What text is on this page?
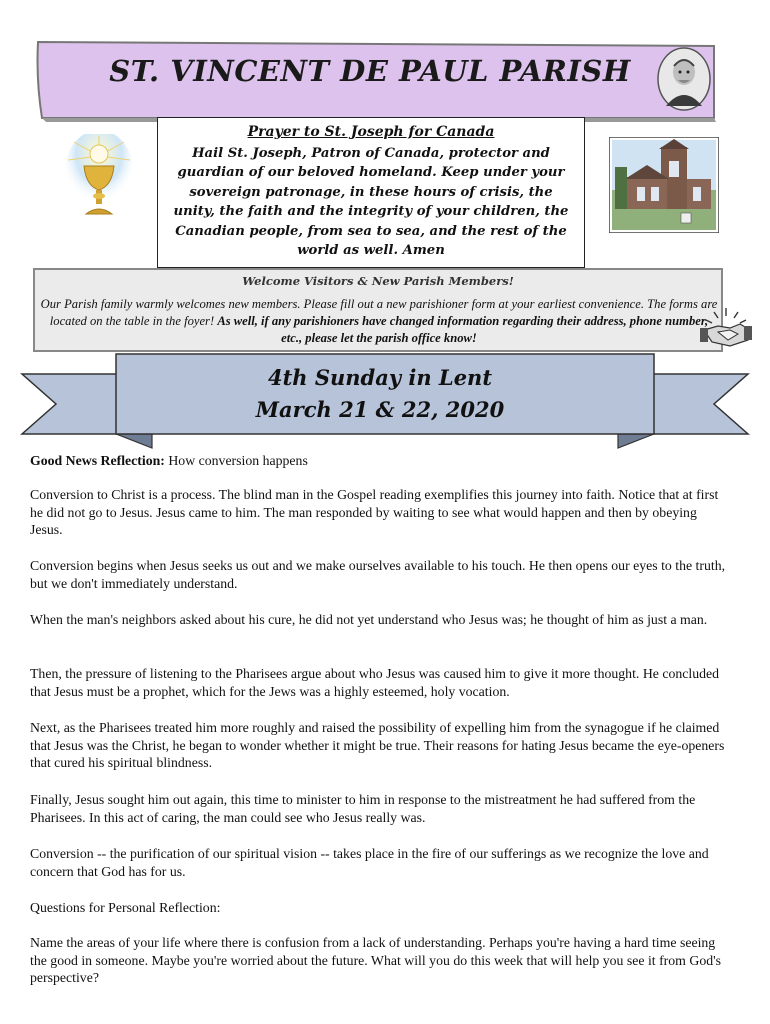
ST. VINCENT DE PAUL PARISH
Prayer to St. Joseph for Canada
Hail St. Joseph, Patron of Canada, protector and guardian of our beloved homeland. Keep under your sovereign patronage, in these hours of crisis, the unity, the faith and the integrity of your children, the Canadian people, from sea to sea, and the rest of the world as well. Amen
Welcome Visitors & New Parish Members!
Our Parish family warmly welcomes new members. Please fill out a new parishioner form at your earliest convenience. The forms are located on the table in the foyer! As well, if any parishioners have changed information regarding their address, phone number, etc., please let the parish office know!
4th Sunday in Lent
March 21 & 22, 2020
Good News Reflection: How conversion happens
Conversion to Christ is a process. The blind man in the Gospel reading exemplifies this journey into faith. Notice that at first he did not go to Jesus. Jesus came to him. The man responded by waiting to see what would happen and then by obeying Jesus.
Conversion begins when Jesus seeks us out and we make ourselves available to his touch. He then opens our eyes to the truth, but we don't immediately understand.
When the man's neighbors asked about his cure, he did not yet understand who Jesus was; he thought of him as just a man.
Then, the pressure of listening to the Pharisees argue about who Jesus was caused him to give it more thought. He concluded that Jesus must be a prophet, which for the Jews was a highly esteemed, holy vocation.
Next, as the Pharisees treated him more roughly and raised the possibility of expelling him from the synagogue if he claimed that Jesus was the Christ, he began to wonder whether it might be true. Their reasons for hating Jesus became the eye-openers that cured his spiritual blindness.
Finally, Jesus sought him out again, this time to minister to him in response to the mistreatment he had suffered from the Pharisees. In this act of caring, the man could see who Jesus really was.
Conversion -- the purification of our spiritual vision -- takes place in the fire of our sufferings as we recognize the love and concern that God has for us.
Questions for Personal Reflection:
Name the areas of your life where there is confusion from a lack of understanding. Perhaps you're having a hard time seeing the good in someone. Maybe you're worried about the future. What will you do this week that will help you see it from God's perspective?
